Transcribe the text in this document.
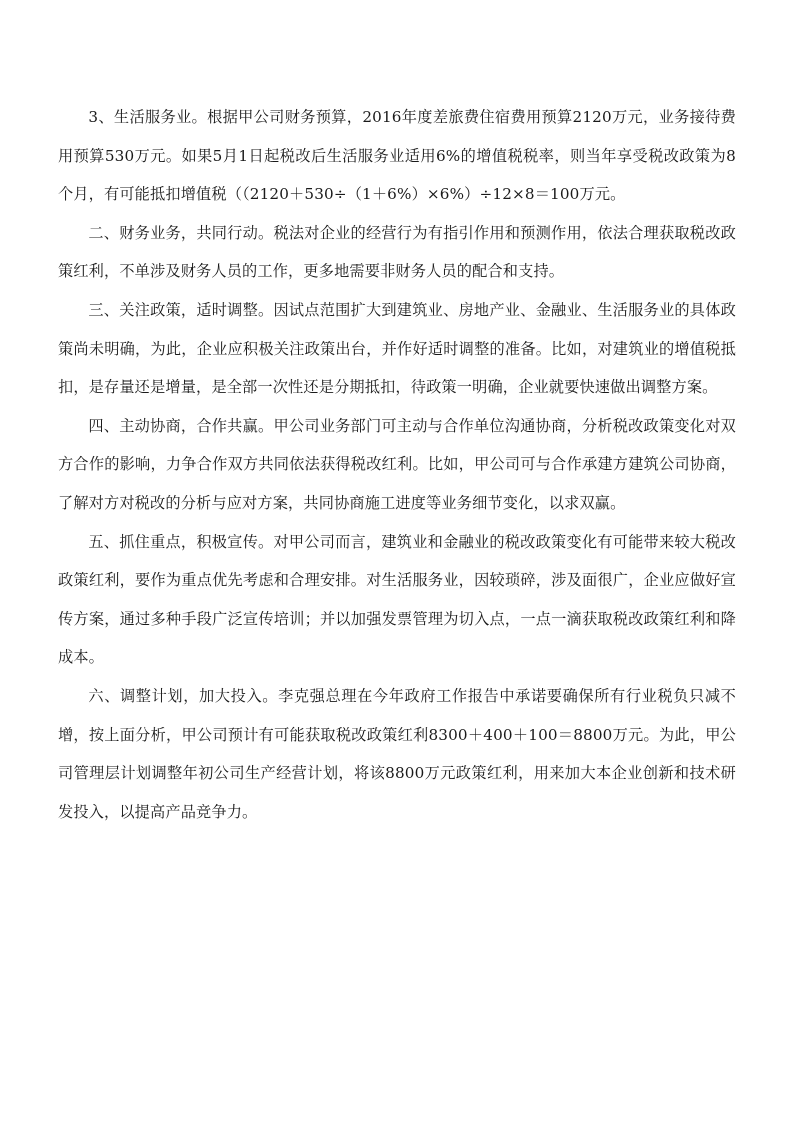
3、生活服务业。根据甲公司财务预算，2016年度差旅费住宿费用预算2120万元，业务接待费用预算530万元。如果5月1日起税改后生活服务业适用6%的增值税税率，则当年享受税改政策为8个月，有可能抵扣增值税（（2120＋530÷（1＋6%）×6%）÷12×8＝100万元。

二、财务业务，共同行动。税法对企业的经营行为有指引作用和预测作用，依法合理获取税改政策红利，不单涉及财务人员的工作，更多地需要非财务人员的配合和支持。

三、关注政策，适时调整。因试点范围扩大到建筑业、房地产业、金融业、生活服务业的具体政策尚未明确，为此，企业应积极关注政策出台，并作好适时调整的准备。比如，对建筑业的增值税抵扣，是存量还是增量，是全部一次性还是分期抵扣，待政策一明确，企业就要快速做出调整方案。

四、主动协商，合作共赢。甲公司业务部门可主动与合作单位沟通协商，分析税改政策变化对双方合作的影响，力争合作双方共同依法获得税改红利。比如，甲公司可与合作承建方建筑公司协商，了解对方对税改的分析与应对方案，共同协商施工进度等业务细节变化，以求双赢。

五、抓住重点，积极宣传。对甲公司而言，建筑业和金融业的税改政策变化有可能带来较大税改政策红利，要作为重点优先考虑和合理安排。对生活服务业，因较琐碎，涉及面很广，企业应做好宣传方案，通过多种手段广泛宣传培训；并以加强发票管理为切入点，一点一滴获取税改政策红利和降成本。

六、调整计划，加大投入。李克强总理在今年政府工作报告中承诺要确保所有行业税负只减不增，按上面分析，甲公司预计有可能获取税改政策红利8300＋400＋100＝8800万元。为此，甲公司管理层计划调整年初公司生产经营计划，将该8800万元政策红利，用来加大本企业创新和技术研发投入，以提高产品竞争力。
